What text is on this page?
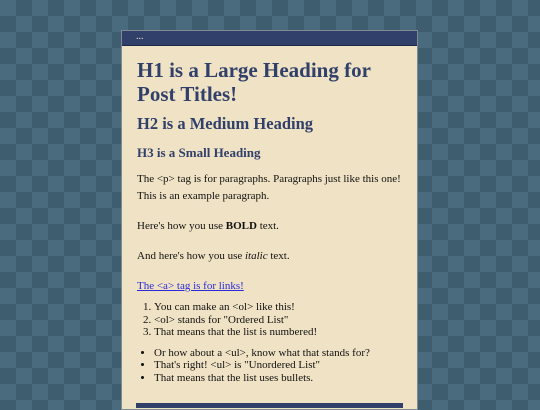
...
H1 is a Large Heading for Post Titles!
H2 is a Medium Heading
H3 is a Small Heading

The <p> tag is for paragraphs. Paragraphs just like this one! This is an example paragraph.

Here's how you use BOLD text.

And here's how you use italic text.

The <a> tag is for links!
1. You can make an <ol> like this!
2. <ol> stands for "Ordered List"
3. That means that the list is numbered!
• Or how about a <ul>, know what that stands for?
• That's right! <ul> is "Unordered List"
• That means that the list uses bullets.
